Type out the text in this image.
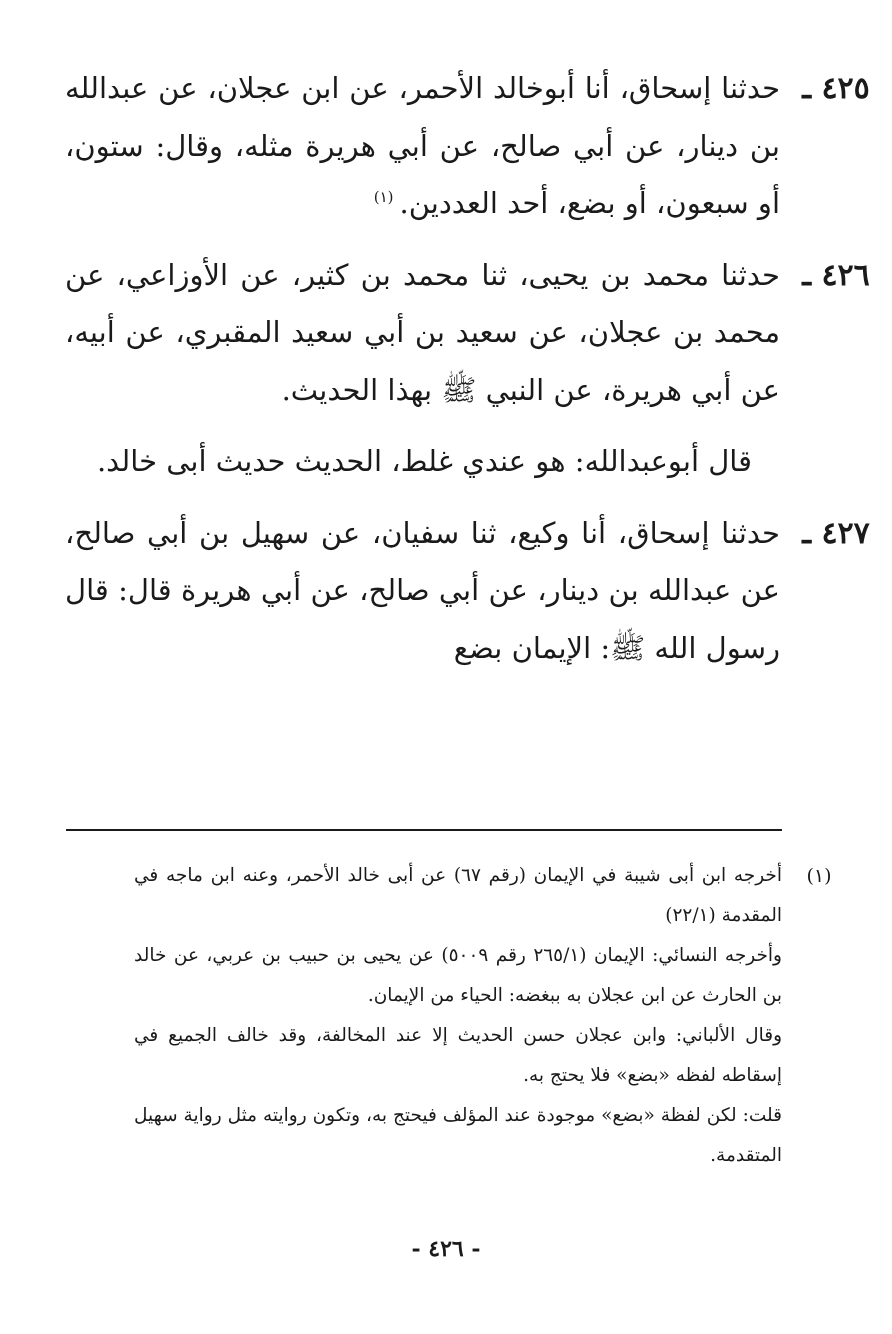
٤٢٥ ـ
حدثنا إسحاق، أنا أبوخالد الأحمر، عن ابن عجلان، عن عبدالله بن دينار، عن أبي صالح، عن أبي هريرة مثله، وقال: ستون، أو سبعون، أو بضع، أحد العددين.$^{(١)}$
٤٢٦ ـ
حدثنا محمد بن يحيى، ثنا محمد بن كثير، عن الأوزاعي، عن محمد بن عجلان، عن سعيد بن أبي سعيد المقبري، عن أبيه، عن أبي هريرة، عن النبي ﷺ بهذا الحديث.
قال أبوعبدالله: هو عندي غلط، الحديث حديث أبى خالد.
٤٢٧ ـ
حدثنا إسحاق، أنا وكيع، ثنا سفيان، عن سهيل بن أبي صالح، عن عبدالله بن دينار، عن أبي صالح، عن أبي هريرة قال: قال رسول الله ﷺ: الإيمان بضع
(١)

أخرجه ابن أبى شيبة في الإيمان (رقم ٦٧) عن أبى خالد الأحمر، وعنه ابن ماجه في المقدمة (٢٢/١)

وأخرجه النسائي: الإيمان (٢٦٥/١ رقم ٥٠٠٩) عن يحيى بن حبيب بن عربي، عن خالد بن الحارث عن ابن عجلان به ببغضه: الحياء من الإيمان.

وقال الألباني: وابن عجلان حسن الحديث إلا عند المخالفة، وقد خالف الجميع في إسقاطه لفظه «بضع» فلا يحتج به.

قلت: لكن لفظة «بضع» موجودة عند المؤلف فيحتج به، وتكون روايته مثل رواية سهيل المتقدمة.

- ٤٢٦ -
